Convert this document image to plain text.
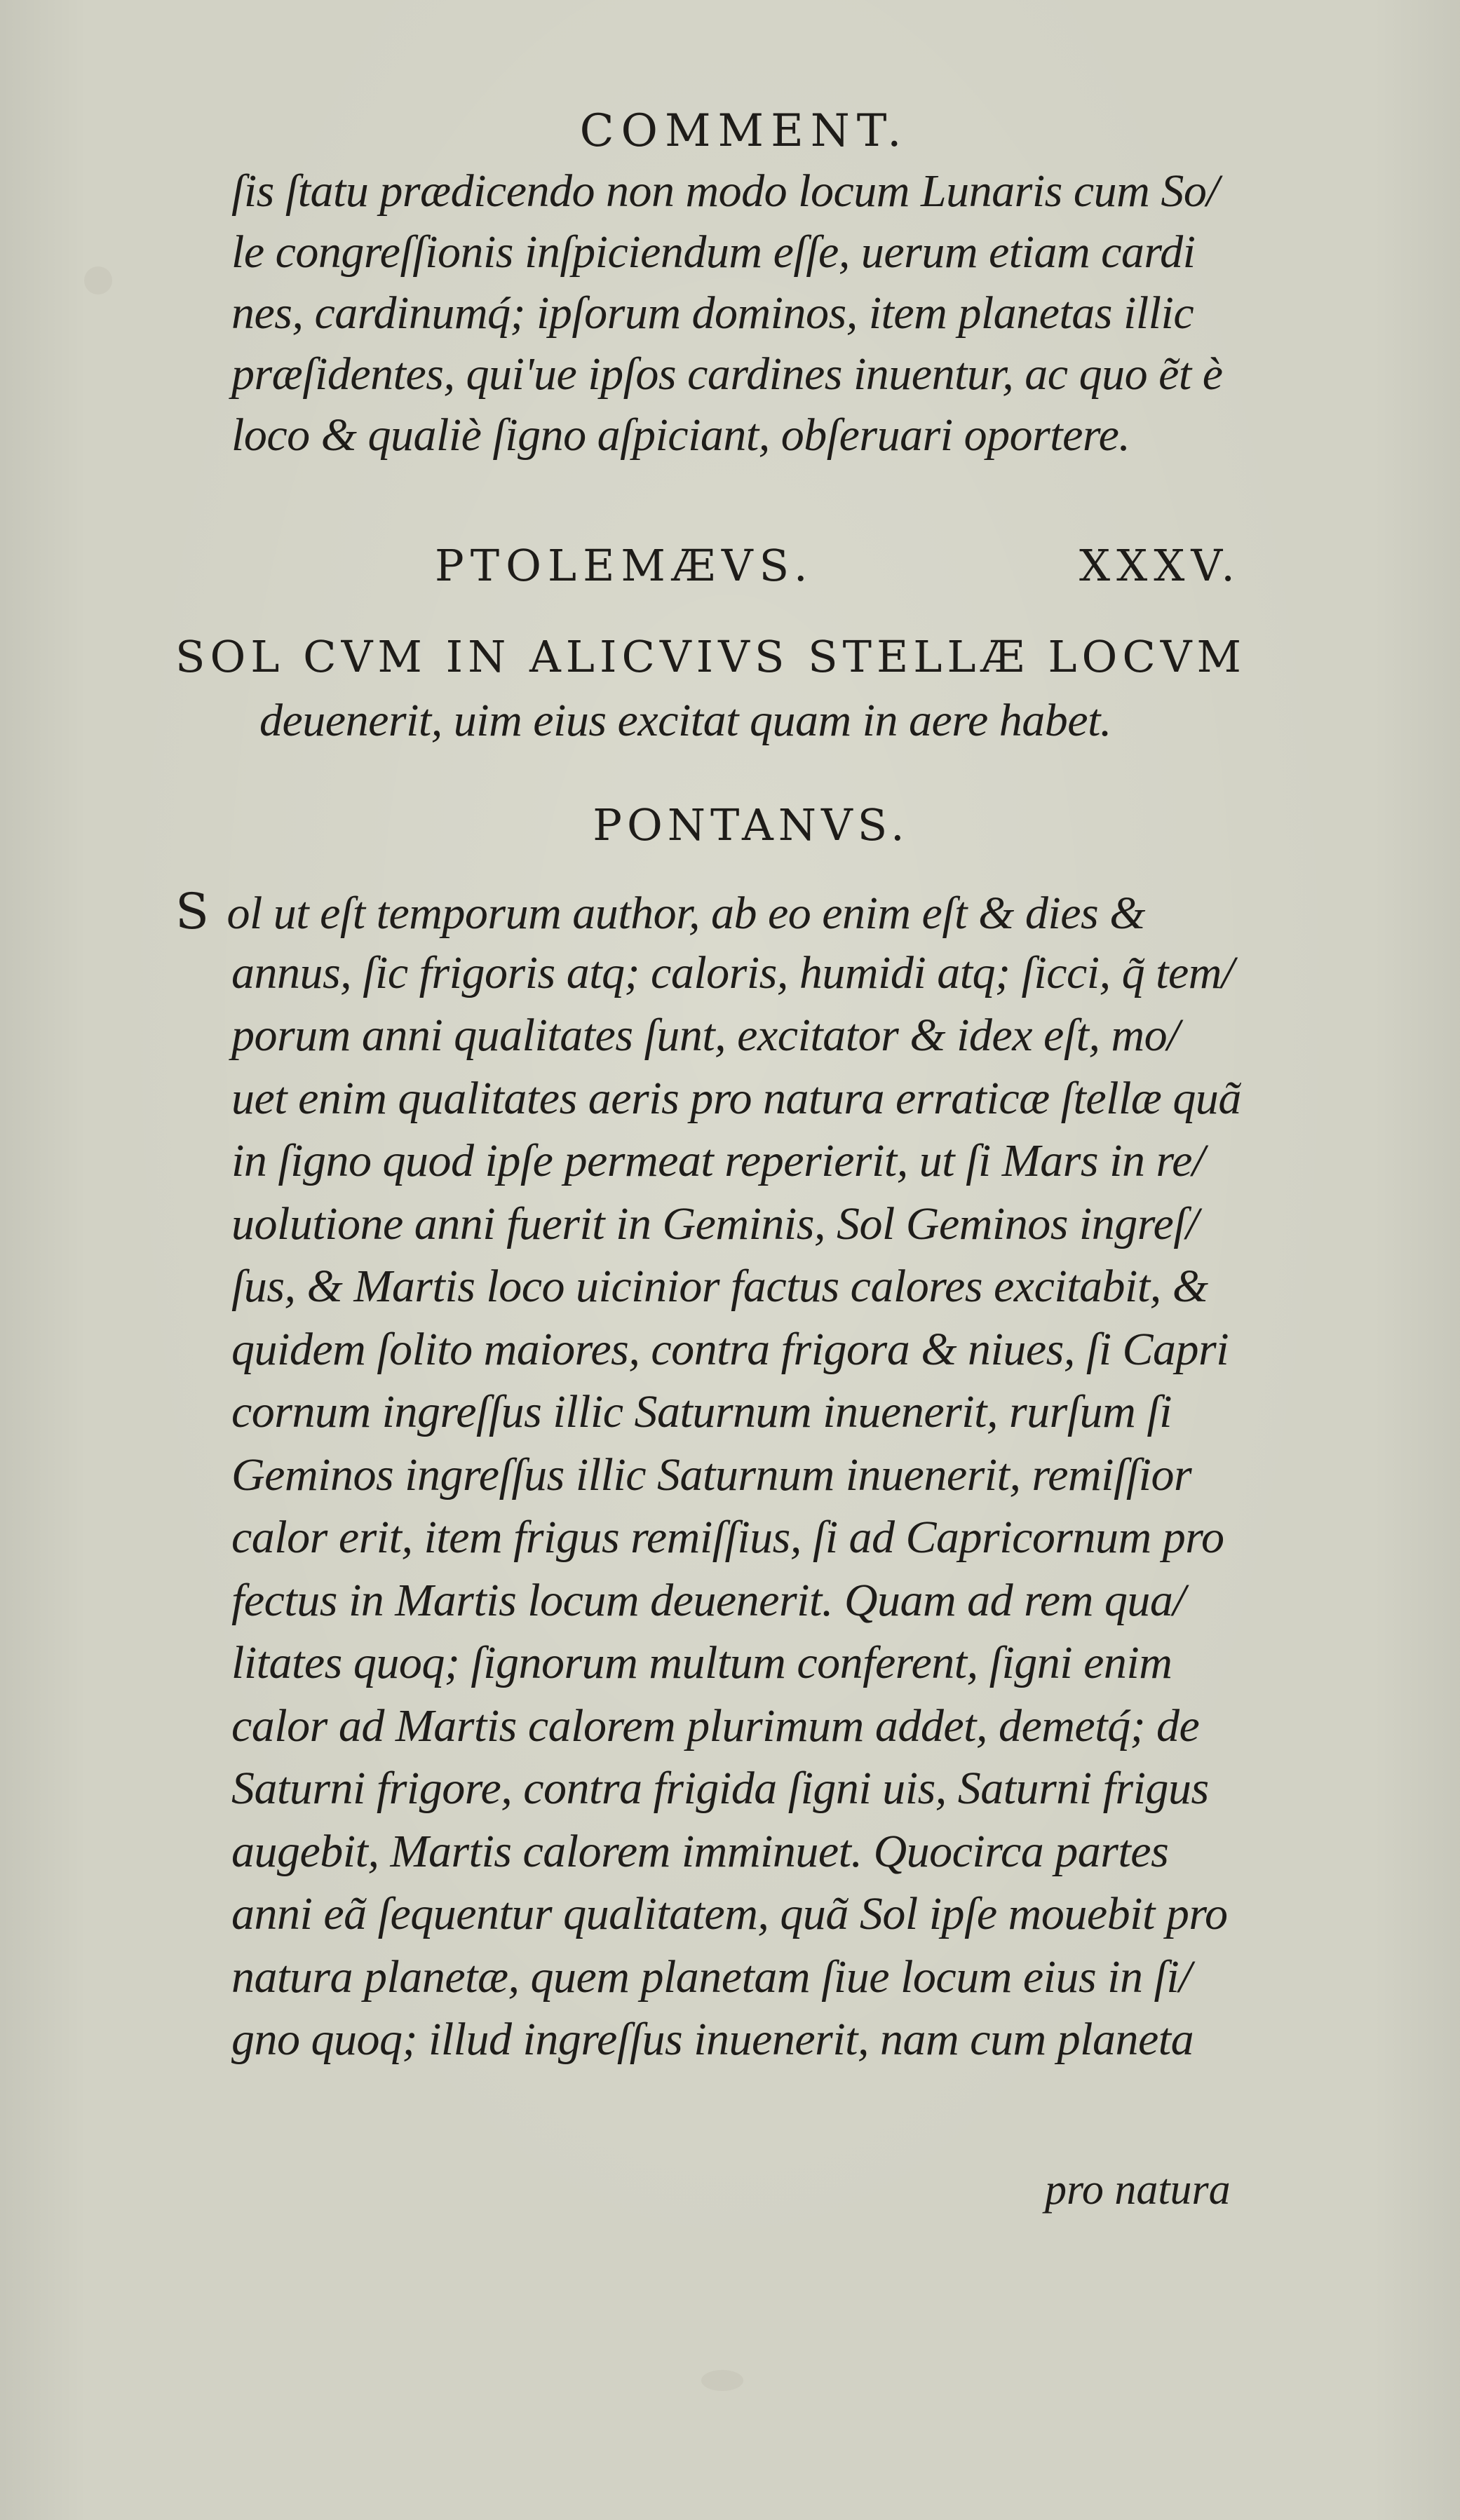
COMMENT.
ſis ſtatu prædicendo non modo locum Lunaris cum So/
le congreſſionis inſpiciendum eſſe, uerum etiam cardi
nes, cardinumq́; ipſorum dominos, item planetas illic
præſidentes, qui'ue ipſos cardines inuentur, ac quo ẽt è
loco & qualiè ſigno aſpiciant, obſeruari oportere.
PTOLEMÆVS.	XXXV.
SOL CVM IN ALICVIVS STELLÆ LOCVM
deuenerit, uim eius excitat quam in aere habet.
PONTANVS.
S ol ut eſt temporum author, ab eo enim eſt & dies &
annus, ſic frigoris atq; caloris, humidi atq; ſicci, q̃ tem/
porum anni qualitates ſunt, excitator & idex eſt, mo/
uet enim qualitates aeris pro natura erraticæ ſtellæ quã
in ſigno quod ipſe permeat reperierit, ut ſi Mars in re/
uolutione anni fuerit in Geminis, Sol Geminos ingreſ/
ſus, & Martis loco uicinior factus calores excitabit, &
quidem ſolito maiores, contra frigora & niues, ſi Capri
cornum ingreſſus illic Saturnum inuenerit, rurſum ſi
Geminos ingreſſus illic Saturnum inuenerit, remiſſior
calor erit, item frigus remiſſius, ſi ad Capricornum pro
fectus in Martis locum deuenerit. Quam ad rem qua/
litates quoq; ſignorum multum conferent, ſigni enim
calor ad Martis calorem plurimum addet, demetq́; de
Saturni frigore, contra frigida ſigni uis, Saturni frigus
augebit, Martis calorem imminuet. Quocirca partes
anni eã ſequentur qualitatem, quã Sol ipſe mouebit pro
natura planetæ, quem planetam ſiue locum eius in ſi/
gno quoq; illud ingreſſus inuenerit, nam cum planeta
pro natura
